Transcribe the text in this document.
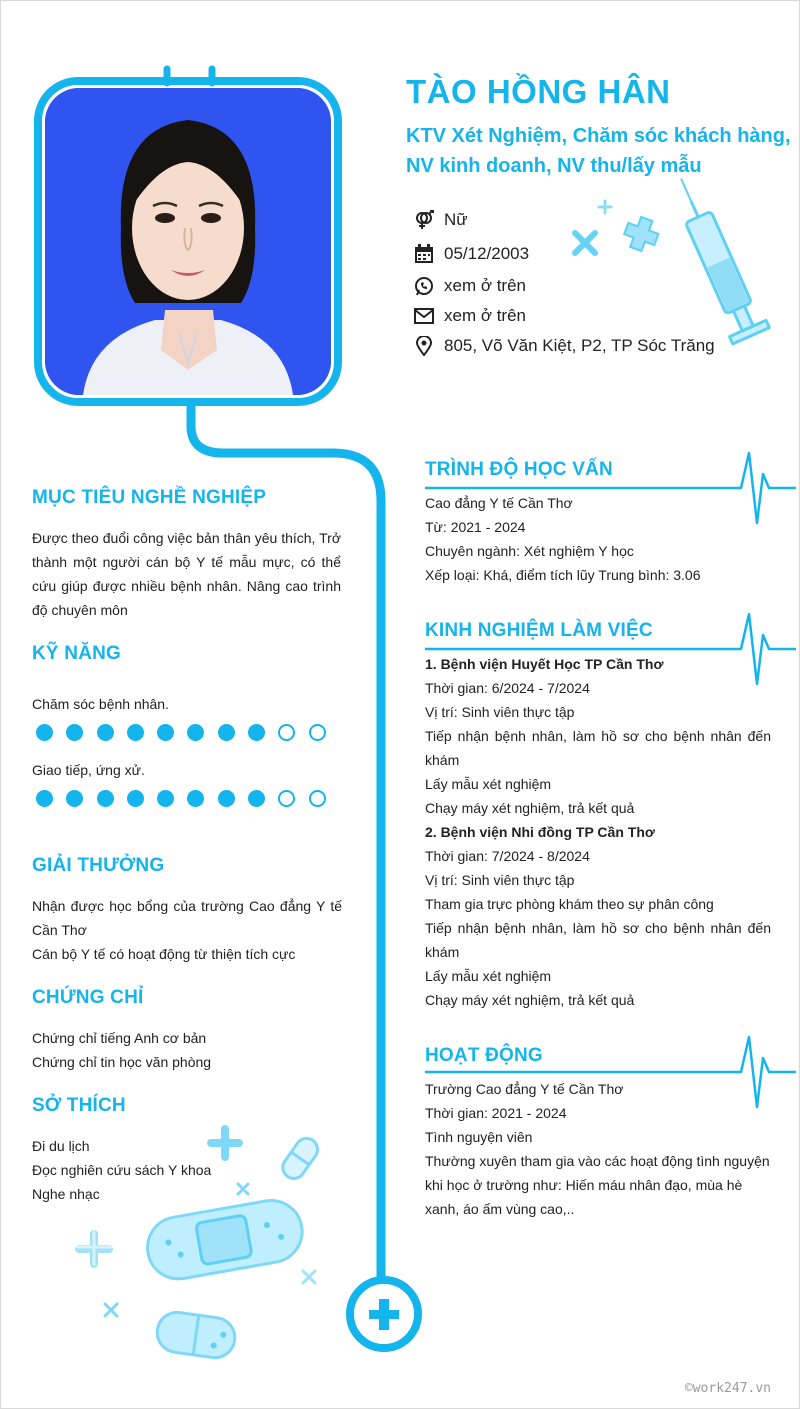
TÀO HỒNG HÂN
KTV Xét Nghiệm, Chăm sóc khách hàng, NV kinh doanh, NV thu/lấy mẫu
Nữ
05/12/2003
xem ở trên
xem ở trên
805, Võ Văn Kiệt, P2, TP Sóc Trăng
MỤC TIÊU NGHỀ NGHIỆP
Được theo đuổi công việc bản thân yêu thích, Trở thành một người cán bộ Y tế mẫu mực, có thể cứu giúp được nhiều bệnh nhân. Nâng cao trình độ chuyên môn
KỸ NĂNG
Chăm sóc bệnh nhân.
Giao tiếp, ứng xử.
GIẢI THƯỞNG
Nhận được học bổng của trường Cao đẳng Y tế Cần Thơ
Cán bộ Y tế có hoạt động từ thiện tích cực
CHỨNG CHỈ
Chứng chỉ tiếng Anh cơ bản
Chứng chỉ tin học văn phòng
SỞ THÍCH
Đi du lịch
Đọc nghiên cứu sách Y khoa
Nghe nhạc
TRÌNH ĐỘ HỌC VẤN
Cao đẳng Y tế Cần Thơ
Từ: 2021 - 2024
Chuyên ngành: Xét nghiệm Y học
Xếp loại: Khá, điểm tích lũy Trung bình: 3.06
KINH NGHIỆM LÀM VIỆC
1. Bệnh viện Huyết Học TP Cần Thơ
Thời gian: 6/2024 - 7/2024
Vị trí: Sinh viên thực tập
Tiếp nhận bệnh nhân, làm hồ sơ cho bệnh nhân đến khám
Lấy mẫu xét nghiệm
Chạy máy xét nghiệm, trả kết quả
2. Bệnh viện Nhi đồng TP Cần Thơ
Thời gian: 7/2024 - 8/2024
Vị trí: Sinh viên thực tập
Tham gia trực phòng khám theo sự phân công
Tiếp nhận bệnh nhân, làm hồ sơ cho bệnh nhân đến khám
Lấy mẫu xét nghiệm
Chạy máy xét nghiệm, trả kết quả
HOẠT ĐỘNG
Trường Cao đẳng Y tế Cần Thơ
Thời gian: 2021 - 2024
Tình nguyện viên
Thường xuyên tham gia vào các hoạt động tình nguyện khi học ở trường như: Hiến máu nhân đạo, mùa hè xanh, áo ấm vùng cao,..
©work247.vn
